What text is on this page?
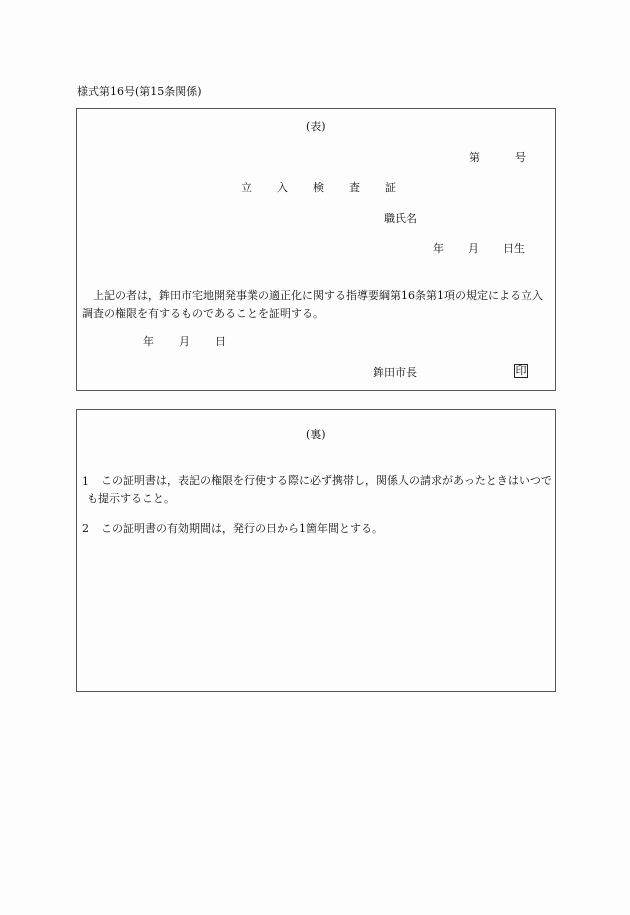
様式第16号(第15条関係)
(表)
第	号
立 入 検 査 証
職氏名
年 月 日生
上記の者は，鉾田市宅地開発事業の適正化に関する指導要綱第16条第1項の規定による立入調査の権限を有するものであることを証明する。
年 月 日
鉾田市長	印
(裏)
1	この証明書は，表記の権限を行使する際に必ず携帯し，関係人の請求があったときはいつでも提示すること。
2 この証明書の有効期間は，発行の日から1箇年間とする。
